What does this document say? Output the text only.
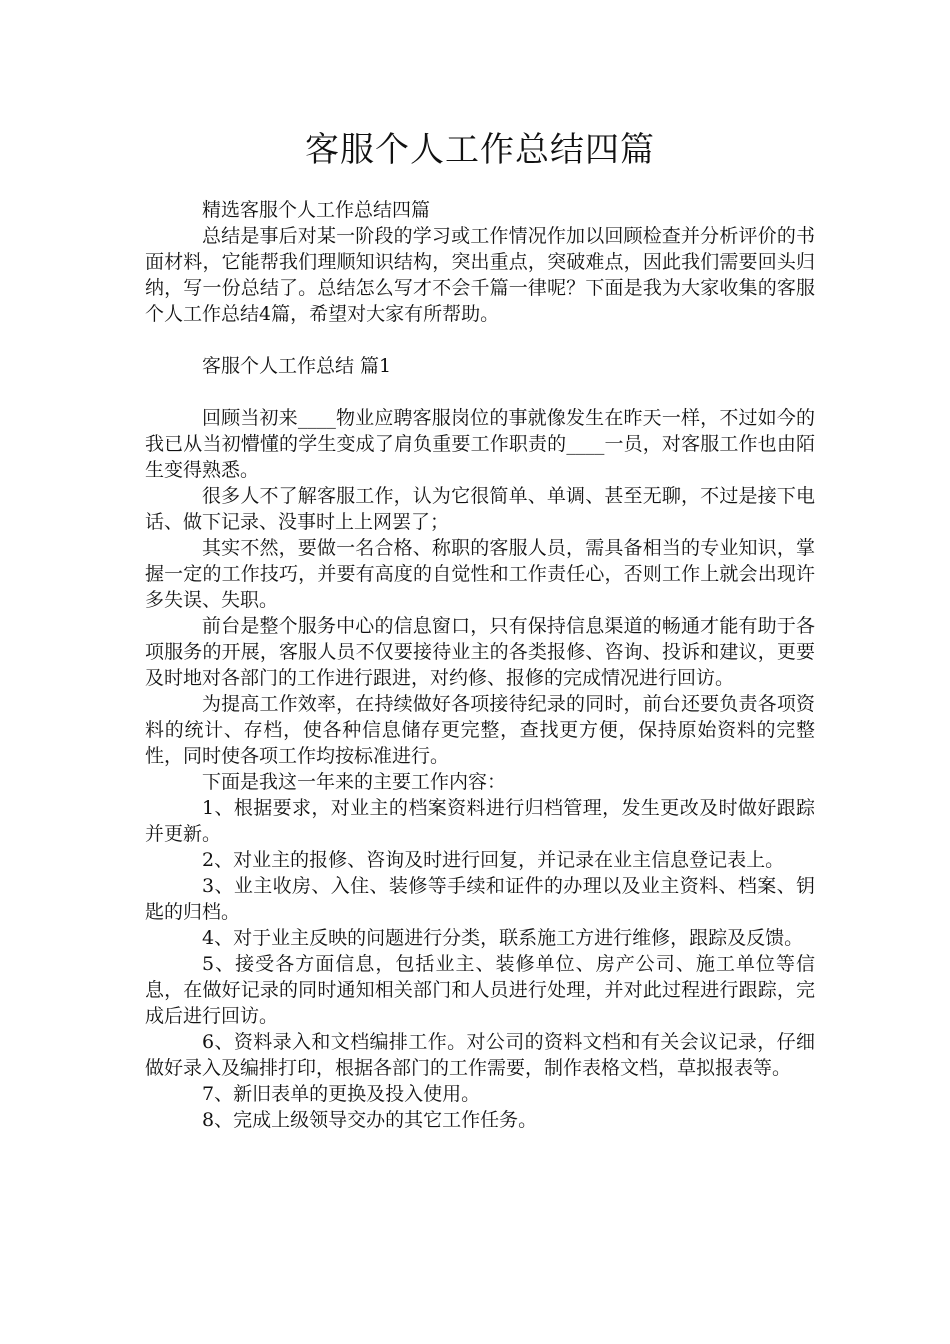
客服个人工作总结四篇

精选客服个人工作总结四篇

总结是事后对某一阶段的学习或工作情况作加以回顾检查并分析评价的书面材料，它能帮我们理顺知识结构，突出重点，突破难点，因此我们需要回头归纳，写一份总结了。总结怎么写才不会千篇一律呢？下面是我为大家收集的客服个人工作总结4篇，希望对大家有所帮助。

客服个人工作总结 篇1

回顾当初来____物业应聘客服岗位的事就像发生在昨天一样，不过如今的我已从当初懵懂的学生变成了肩负重要工作职责的____一员，对客服工作也由陌生变得熟悉。

很多人不了解客服工作，认为它很简单、单调、甚至无聊，不过是接下电话、做下记录、没事时上上网罢了；

其实不然，要做一名合格、称职的客服人员，需具备相当的专业知识，掌握一定的工作技巧，并要有高度的自觉性和工作责任心，否则工作上就会出现许多失误、失职。

前台是整个服务中心的信息窗口，只有保持信息渠道的畅通才能有助于各项服务的开展，客服人员不仅要接待业主的各类报修、咨询、投诉和建议，更要及时地对各部门的工作进行跟进，对约修、报修的完成情况进行回访。

为提高工作效率，在持续做好各项接待纪录的同时，前台还要负责各项资料的统计、存档，使各种信息储存更完整，查找更方便，保持原始资料的完整性，同时使各项工作均按标准进行。

下面是我这一年来的主要工作内容：

1、根据要求，对业主的档案资料进行归档管理，发生更改及时做好跟踪并更新。

2、对业主的报修、咨询及时进行回复，并记录在业主信息登记表上。

3、业主收房、入住、装修等手续和证件的办理以及业主资料、档案、钥匙的归档。

4、对于业主反映的问题进行分类，联系施工方进行维修，跟踪及反馈。

5、接受各方面信息，包括业主、装修单位、房产公司、施工单位等信息，在做好记录的同时通知相关部门和人员进行处理，并对此过程进行跟踪，完成后进行回访。

6、资料录入和文档编排工作。对公司的资料文档和有关会议记录，仔细做好录入及编排打印，根据各部门的工作需要，制作表格文档，草拟报表等。

7、新旧表单的更换及投入使用。

8、完成上级领导交办的其它工作任务。
